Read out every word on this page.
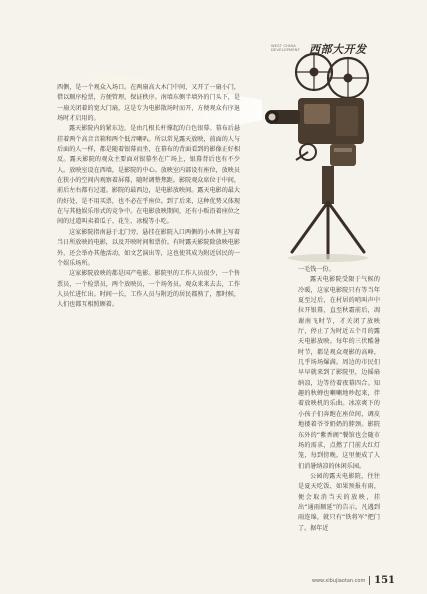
WEST CHINA DEVELOPMENT 西部大开发

西侧，是一个观众入场口。在两扇高大木门中间，又开了一扇小门，借以顺序检票，方便管理，保证秩序。南墙东侧半墙外的门头下，是一扇关闭着的宽大门扇，这是专为电影散场时而开，方便观众有序退场时才启用的。

露天影院内的紧东边，是由几根长杆撑起的白色银幕。幕布后悬挂着两个高音音箱和两个低音喇叭。所以常见露天放映，前面的人与后面的人一样，都是随着银幕而坐，在幕布的背面看到的影像正好相反。露天影院的观众主要面对银幕坐在广场上，银幕背后也有不少人。放映室设在西墙，是影院的中心。放映室内部设有座位，放映员在狭小的空间内观察着屏幕，随时调整焦距。影院观众席位于中间，前后左右都有过道。影院的最西边，是电影放映间。露天电影的最大的好处，是不用买票，也不必在乎座位。到了后来，这种优势又体现在与其他娱乐形式的竞争中。在电影放映期间，还有小贩沿着座位之间的过道叫卖着瓜子、花生、冰棍等小吃。

这家影院指南悬于北门旁，悬挂在影院入口两侧的小木牌上写着当日所放映的电影，以及开映时间和票价。有时露天影院除放映电影外，还会举办其他活动，如文艺演出等，这也使其成为附近居民的一个娱乐场所。

这家影院放映的都是国产电影。影院里的工作人员很少，一个售票员，一个检票员，两个放映员，一个场务员。观众来来去去，工作人员忙进忙出。时间一长，工作人员与附近的居民都熟了，那时候，人们也都互相照顾着。

一毛钱一份。

露天电影院受限于气候的冷暖，这家电影院只有等当年夏至过后，在村居的哨叫声中拉开银幕，直至秋霜前后，凋谢南飞时节，才关闭了放映厅，停止了为时近五个月的露天电影放映。每年的三伏酷暑时节，都是观众观影的高峰，几乎场场爆满。周边的市民们早早就来到了影院里，边摇扇纳凉，边等待着夜幕四合。知趣的秋蝉也喇喇地吵起来，伴着放映机的乐曲。冰凉爽下的小孩子们奔跑在座位间，调皮地搂着爷爷奶奶的脖颈。影院东外的“紫香阁”餐馆也会随市场的需求，点燃了门前大红灯笼，每到傍晚，这里便成了人们消暑纳凉的休闲乐园。

公园的露天电影院，往往是夏天吃饭、如果预报有雨，便会取消当天的放映，挂出“通雨顺延”的告示。凡遇到雨连绵，就只有“铁将军”把门了。据年近

www.xibujiaotan.com 151
